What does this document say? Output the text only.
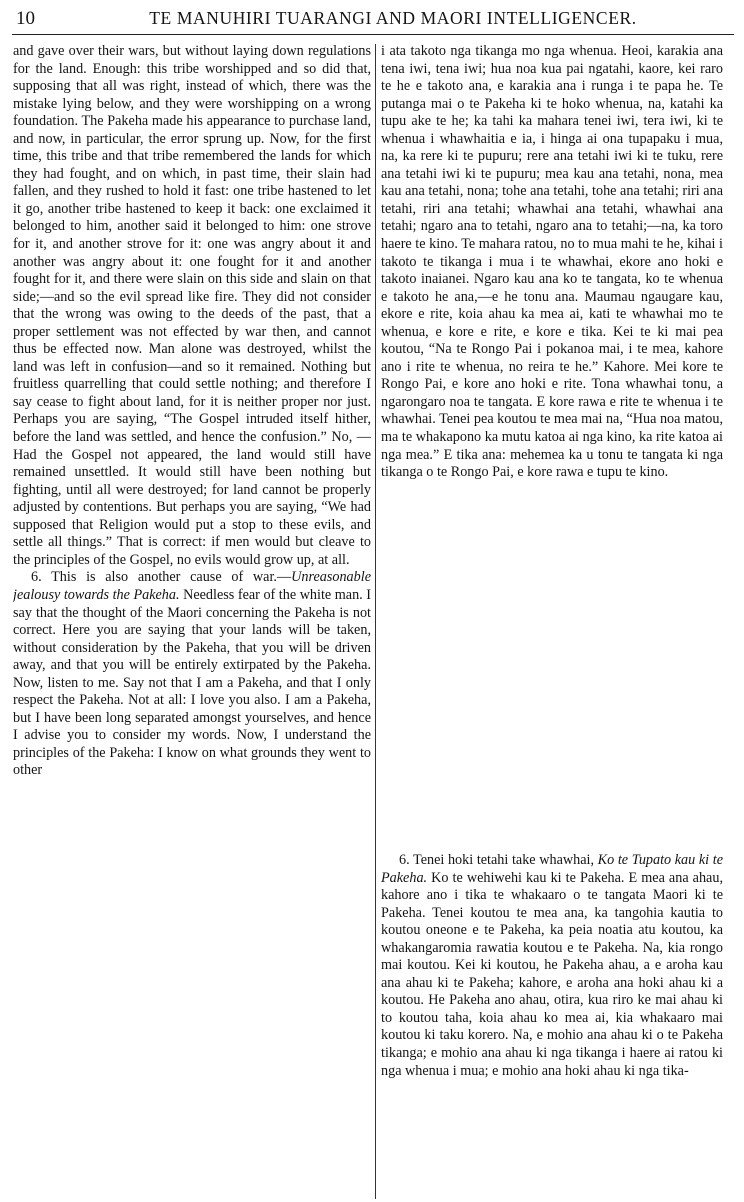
10	TE MANUHIRI TUARANGI AND MAORI INTELLIGENCER.

and gave over their wars, but without laying down regulations for the land. Enough: this tribe worshipped and so did that, supposing that all was right, instead of which, there was the mistake lying below, and they were worshipping on a wrong foundation. The Pakeha made his appearance to purchase land, and now, in particular, the error sprung up. Now, for the first time, this tribe and that tribe remembered the lands for which they had fought, and on which, in past time, their slain had fallen, and they rushed to hold it fast: one tribe hastened to let it go, another tribe hastened to keep it back: one exclaimed it belonged to him, another said it belonged to him: one strove for it, and another strove for it: one was angry about it and another was angry about it: one fought for it and another fought for it, and there were slain on this side and slain on that side;—and so the evil spread like fire. They did not consider that the wrong was owing to the deeds of the past, that a proper settlement was not effected by war then, and cannot thus be effected now. Man alone was destroyed, whilst the land was left in confusion—and so it remained. Nothing but fruitless quarrelling that could settle nothing; and therefore I say cease to fight about land, for it is neither proper nor just. Perhaps you are saying, “The Gospel intruded itself hither, before the land was settled, and hence the confusion.” No, —Had the Gospel not appeared, the land would still have remained unsettled. It would still have been nothing but fighting, until all were destroyed; for land cannot be properly adjusted by contentions. But perhaps you are saying, “We had supposed that Religion would put a stop to these evils, and settle all things.” That is correct: if men would but cleave to the principles of the Gospel, no evils would grow up, at all.

6. This is also another cause of war.—Unreasonable jealousy towards the Pakeha. Needless fear of the white man. I say that the thought of the Maori concerning the Pakeha is not correct. Here you are saying that your lands will be taken, without consideration by the Pakeha, that you will be driven away, and that you will be entirely extirpated by the Pakeha. Now, listen to me. Say not that I am a Pakeha, and that I only respect the Pakeha. Not at all: I love you also. I am a Pakeha, but I have been long separated amongst yourselves, and hence I advise you to consider my words. Now, I understand the principles of the Pakeha: I know on what grounds they went to other

i ata takoto nga tikanga mo nga whenua. Heoi, karakia ana tena iwi, tena iwi; hua noa kua pai ngatahi, kaore, kei raro te he e takoto ana, e karakia ana i runga i te papa he. Te putanga mai o te Pakeha ki te hoko whenua, na, katahi ka tupu ake te he; ka tahi ka mahara tenei iwi, tera iwi, ki te whenua i whawhaitia e ia, i hinga ai ona tupapaku i mua, na, ka rere ki te pupuru; rere ana tetahi iwi ki te tuku, rere ana tetahi iwi ki te pupuru; mea kau ana tetahi, nona, mea kau ana tetahi, nona; tohe ana tetahi, tohe ana tetahi; riri ana tetahi, riri ana tetahi; whawhai ana tetahi, whawhai ana tetahi; ngaro ana to tetahi, ngaro ana to tetahi;—na, ka toro haere te kino. Te mahara ratou, no to mua mahi te he, kihai i takoto te tikanga i mua i te whawhai, ekore ano hoki e takoto inaianei. Ngaro kau ana ko te tangata, ko te whenua e takoto he ana,—e he tonu ana. Maumau ngaugare kau, ekore e rite, koia ahau ka mea ai, kati te whawhai mo te whenua, e kore e rite, e kore e tika. Kei te ki mai pea koutou, “Na te Rongo Pai i pokanoa mai, i te mea, kahore ano i rite te whenua, no reira te he.” Kahore. Mei kore te Rongo Pai, e kore ano hoki e rite. Tona whawhai tonu, a ngarongaro noa te tangata. E kore rawa e rite te whenua i te whawhai. Tenei pea koutou te mea mai na, “Hua noa matou, ma te whakapono ka mutu katoa ai nga kino, ka rite katoa ai nga mea.” E tika ana: mehemea ka u tonu te tangata ki nga tikanga o te Rongo Pai, e kore rawa e tupu te kino.

6. Tenei hoki tetahi take whawhai, Ko te Tupato kau ki te Pakeha. Ko te wehiwehi kau ki te Pakeha. E mea ana ahau, kahore ano i tika te whakaaro o te tangata Maori ki te Pakeha. Tenei koutou te mea ana, ka tangohia kautia to koutou oneone e te Pakeha, ka peia noatia atu koutou, ka whakangaromia rawatia koutou e te Pakeha. Na, kia rongo mai koutou. Kei ki koutou, he Pakeha ahau, a e aroha kau ana ahau ki te Pakeha; kahore, e aroha ana hoki ahau ki a koutou. He Pakeha ano ahau, otira, kua riro ke mai ahau ki to koutou taha, koia ahau ko mea ai, kia whakaaro mai koutou ki taku korero. Na, e mohio ana ahau ki o te Pakeha tikanga; e mohio ana ahau ki nga tikanga i haere ai ratou ki nga whenua i mua; e mohio ana hoki ahau ki nga tika-
